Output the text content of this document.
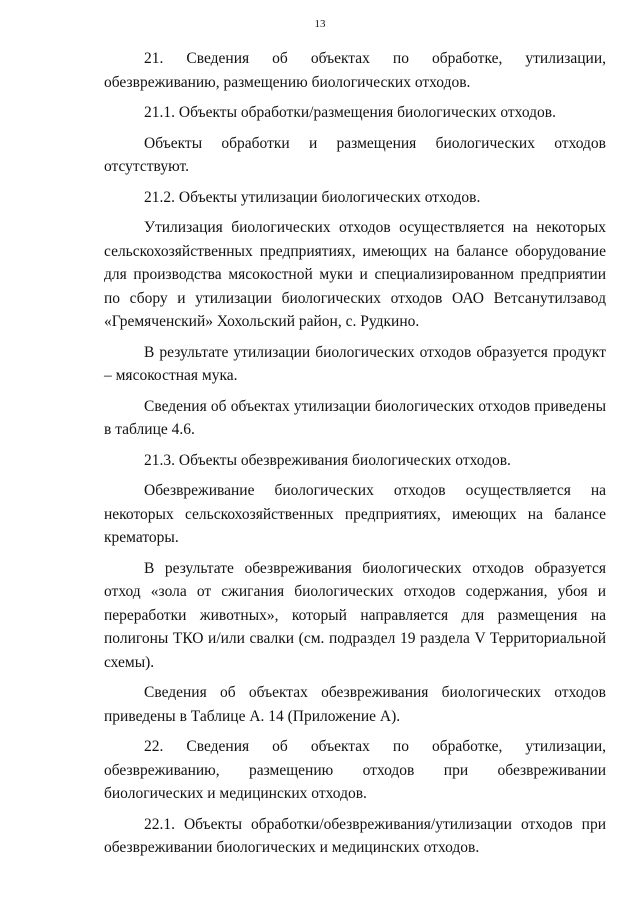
13

21. Сведения об объектах по обработке, утилизации, обезвреживанию, размещению биологических отходов.

21.1. Объекты обработки/размещения биологических отходов.

Объекты обработки и размещения биологических отходов отсутствуют.

21.2. Объекты утилизации биологических отходов.

Утилизация биологических отходов осуществляется на некоторых сельскохозяйственных предприятиях, имеющих на балансе оборудование для производства мясокостной муки и специализированном предприятии по сбору и утилизации биологических отходов ОАО Ветсанутилзавод «Гремяченский» Хохольский район, с. Рудкино.

В результате утилизации биологических отходов образуется продукт – мясокостная мука.

Сведения об объектах утилизации биологических отходов приведены в таблице 4.6.

21.3. Объекты обезвреживания биологических отходов.

Обезвреживание биологических отходов осуществляется на некоторых сельскохозяйственных предприятиях, имеющих на балансе крематоры.

В результате обезвреживания биологических отходов образуется отход «зола от сжигания биологических отходов содержания, убоя и переработки животных», который направляется для размещения на полигоны ТКО и/или свалки (см. подраздел 19 раздела V Территориальной схемы).

Сведения об объектах обезвреживания биологических отходов приведены в Таблице А. 14 (Приложение А).

22. Сведения об объектах по обработке, утилизации, обезвреживанию, размещению отходов при обезвреживании биологических и медицинских отходов.

22.1. Объекты обработки/обезвреживания/утилизации отходов при обезвреживании биологических и медицинских отходов.
